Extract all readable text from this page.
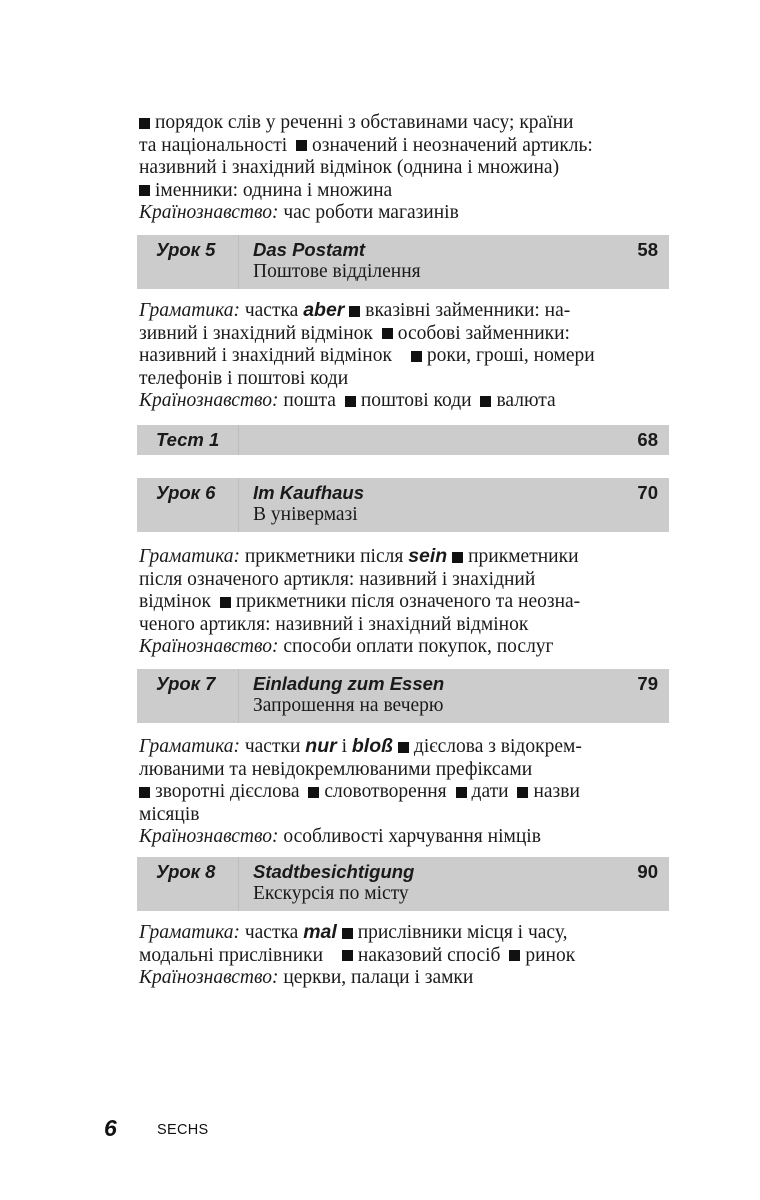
порядок слів у реченні з обставинами часу; країни
та національності означений і неозначений артикль:
називний і знахідний відмінок (однина і множина)
іменники: однина і множина
Країнознавство: час роботи магазинів
Урок 5 Das Postamt
Поштове відділення
58
Граматика: частка aber вказівні займенники: на-
зивний і знахідний відмінок особові займенники:
називний і знахідний відмінок роки, гроші, номери
телефонів і поштові коди
Країнознавство: пошта поштові коди валюта
Тест 1	68
Урок 6 Im Kaufhaus
В універмазі
70
Граматика: прикметники після sein прикметники
після означеного артикля: називний і знахідний
відмінок прикметники після означеного та неозна-
ченого артикля: називний і знахідний відмінок
Країнознавство: способи оплати покупок, послуг
Урок 7 Einladung zum Essen
Запрошення на вечерю
79
Граматика: частки nur і bloß дієслова з відокрем-
люваними та невідокремлюваними префіксами
зворотні дієслова словотворення дати назви
місяців
Країнознавство: особливості харчування німців
Урок 8 Stadtbesichtigung
Екскурсія по місту
90
Граматика: частка mal прислівники місця і часу,
модальні прислівники наказовий спосіб ринок
Країнознавство: церкви, палаци і замки
6	SECHS
